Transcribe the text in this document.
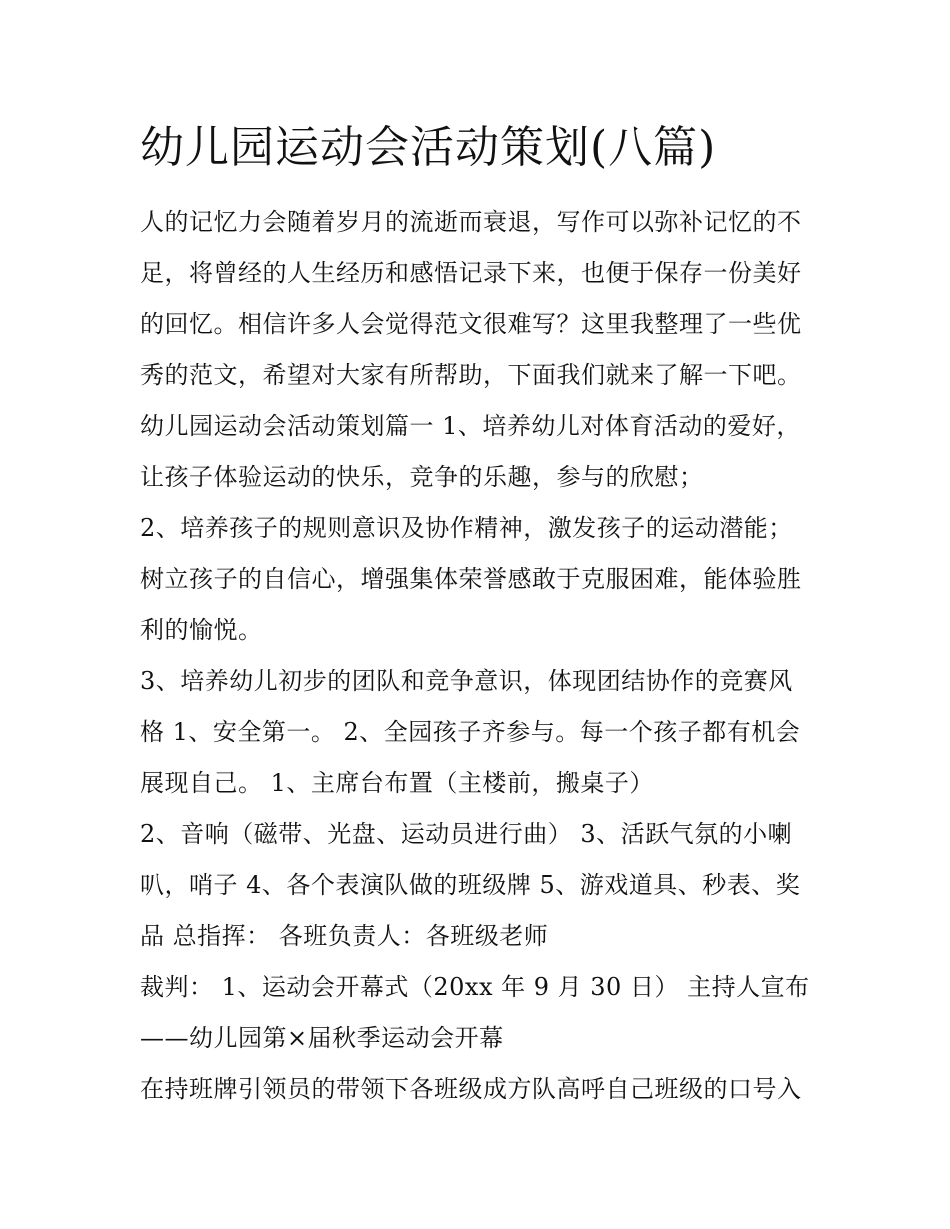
幼儿园运动会活动策划(八篇)

人的记忆力会随着岁月的流逝而衰退，写作可以弥补记忆的不

足，将曾经的人生经历和感悟记录下来，也便于保存一份美好

的回忆。相信许多人会觉得范文很难写？这里我整理了一些优

秀的范文，希望对大家有所帮助，下面我们就来了解一下吧。

幼儿园运动会活动策划篇一 1、培养幼儿对体育活动的爱好，

让孩子体验运动的快乐，竞争的乐趣，参与的欣慰；

2、培养孩子的规则意识及协作精神，激发孩子的运动潜能；

树立孩子的自信心，增强集体荣誉感敢于克服困难，能体验胜

利的愉悦。

3、培养幼儿初步的团队和竞争意识，体现团结协作的竞赛风

格 1、安全第一。 2、全园孩子齐参与。每一个孩子都有机会

展现自己。 1、主席台布置（主楼前，搬桌子）

2、音响（磁带、光盘、运动员进行曲） 3、活跃气氛的小喇

叭，哨子 4、各个表演队做的班级牌 5、游戏道具、秒表、奖

品 总指挥： 各班负责人：各班级老师

裁判： 1、运动会开幕式（20xx 年 9 月 30 日） 主持人宣布

——幼儿园第×届秋季运动会开幕

在持班牌引领员的带领下各班级成方队高呼自己班级的口号入
